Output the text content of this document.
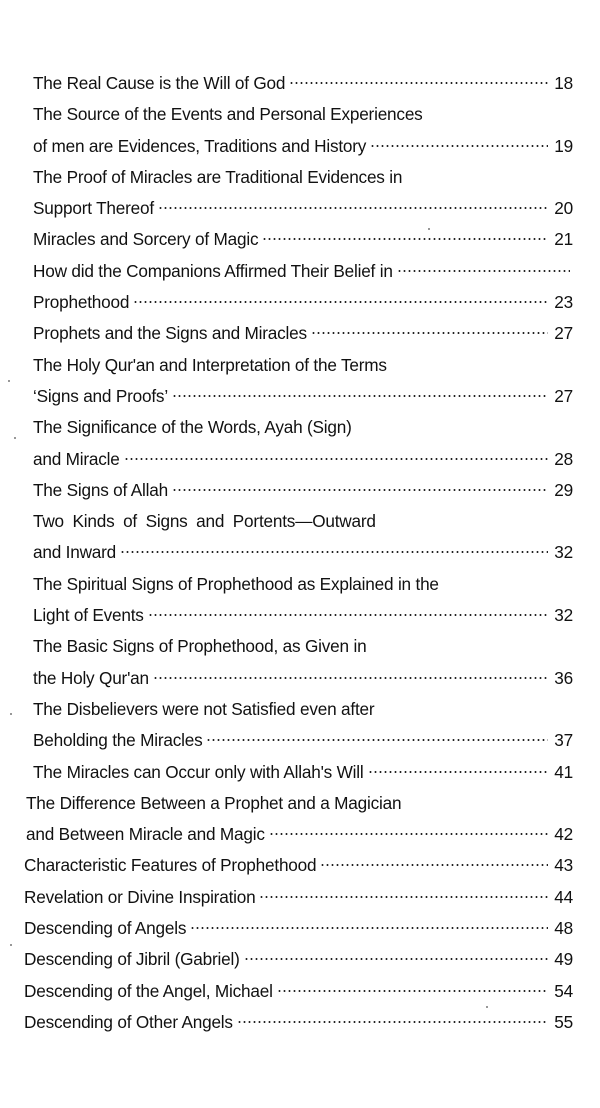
The Real Cause is the Will of God	18
The Source of the Events and Personal Experiences
of men are Evidences, Traditions and History	19
The Proof of Miracles are Traditional Evidences in
Support Thereof	20
Miracles and Sorcery of Magic	21
How did the Companions Affirmed Their Belief in
Prophethood	23
Prophets and the Signs and Miracles	27
The Holy Qur'an and Interpretation of the Terms
‘Signs and Proofs’	27
The Significance of the Words, Ayah (Sign)
and Miracle	28
The Signs of Allah	29
Two Kinds of Signs and Portents—Outward
and Inward	32
The Spiritual Signs of Prophethood as Explained in the
Light of Events	32
The Basic Signs of Prophethood, as Given in
the Holy Qur'an	36
The Disbelievers were not Satisfied even after
Beholding the Miracles	37
The Miracles can Occur only with Allah's Will	41
The Difference Between a Prophet and a Magician
and Between Miracle and Magic	42
Characteristic Features of Prophethood	43
Revelation or Divine Inspiration	44
Descending of Angels	48
Descending of Jibril (Gabriel)	49
Descending of the Angel, Michael	54
Descending of Other Angels	55
